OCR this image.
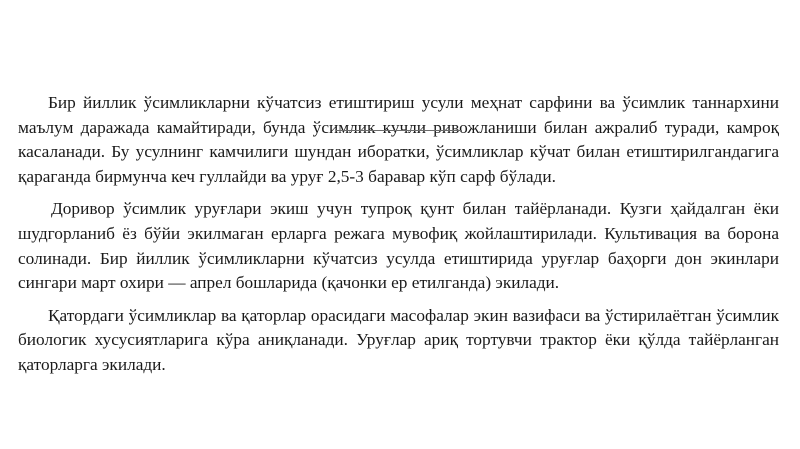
Бир йиллик ўсимликларни кўчатсиз етиштириш усули меҳнат сарфини ва ўсимлик таннархини маълум даражада камайтиради, бунда ўсимлик кучли ривожланиши билан ажралиб туради, камроқ касаланади. Бу усулнинг камчилиги шундан иборатки, ўсимликлар кўчат билан етиштирилгандагига қараганда бирмунча кеч гуллайди ва уруғ 2,5-3 баравар кўп сарф бўлади.

Доривор ўсимлик уруғлари экиш учун тупроқ қунт билан тайёрланади. Кузги ҳайдалган ёки шудгорланиб ёз бўйи экилмаган ерларга режага мувофиқ жойлаштирилади. Культивация ва борона солинади. Бир йиллик ўсимликларни кўчатсиз усулда етиштирида уруғлар баҳорги дон экинлари сингари март охири — апрел бошларида (қачонки ер етилганда) экилади.

Қатордаги ўсимликлар ва қаторлар орасидаги масофалар экин вазифаси ва ўстирилаётган ўсимлик биологик хусусиятларига кўра аниқланади. Уруғлар ариқ тортувчи трактор ёки қўлда тайёрланган қаторларга экилади.
